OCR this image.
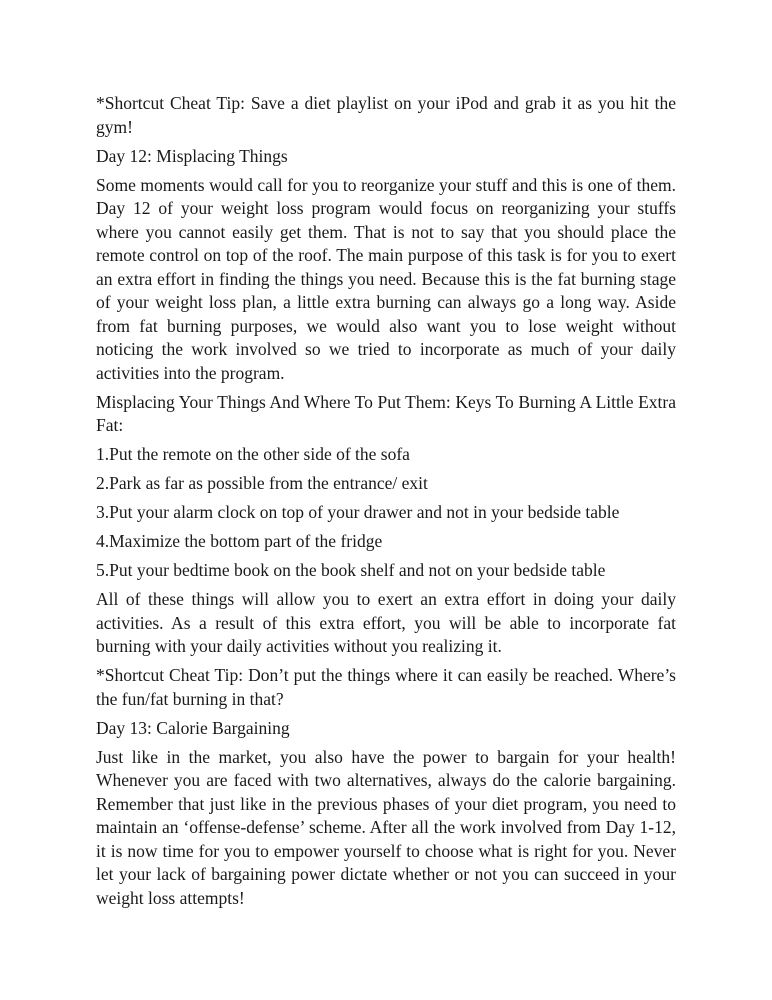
*Shortcut Cheat Tip: Save a diet playlist on your iPod and grab it as you hit the gym!

Day 12: Misplacing Things

Some moments would call for you to reorganize your stuff and this is one of them. Day 12 of your weight loss program would focus on reorganizing your stuffs where you cannot easily get them. That is not to say that you should place the remote control on top of the roof. The main purpose of this task is for you to exert an extra effort in finding the things you need. Because this is the fat burning stage of your weight loss plan, a little extra burning can always go a long way. Aside from fat burning purposes, we would also want you to lose weight without noticing the work involved so we tried to incorporate as much of your daily activities into the program.

Misplacing Your Things And Where To Put Them: Keys To Burning A Little Extra Fat:

1.Put the remote on the other side of the sofa
2.Park as far as possible from the entrance/ exit
3.Put your alarm clock on top of your drawer and not in your bedside table
4.Maximize the bottom part of the fridge
5.Put your bedtime book on the book shelf and not on your bedside table

All of these things will allow you to exert an extra effort in doing your daily activities. As a result of this extra effort, you will be able to incorporate fat burning with your daily activities without you realizing it.

*Shortcut Cheat Tip: Don’t put the things where it can easily be reached. Where’s the fun/fat burning in that?

Day 13: Calorie Bargaining

Just like in the market, you also have the power to bargain for your health! Whenever you are faced with two alternatives, always do the calorie bargaining. Remember that just like in the previous phases of your diet program, you need to maintain an ‘offense-defense’ scheme. After all the work involved from Day 1-12, it is now time for you to empower yourself to choose what is right for you. Never let your lack of bargaining power dictate whether or not you can succeed in your weight loss attempts!
